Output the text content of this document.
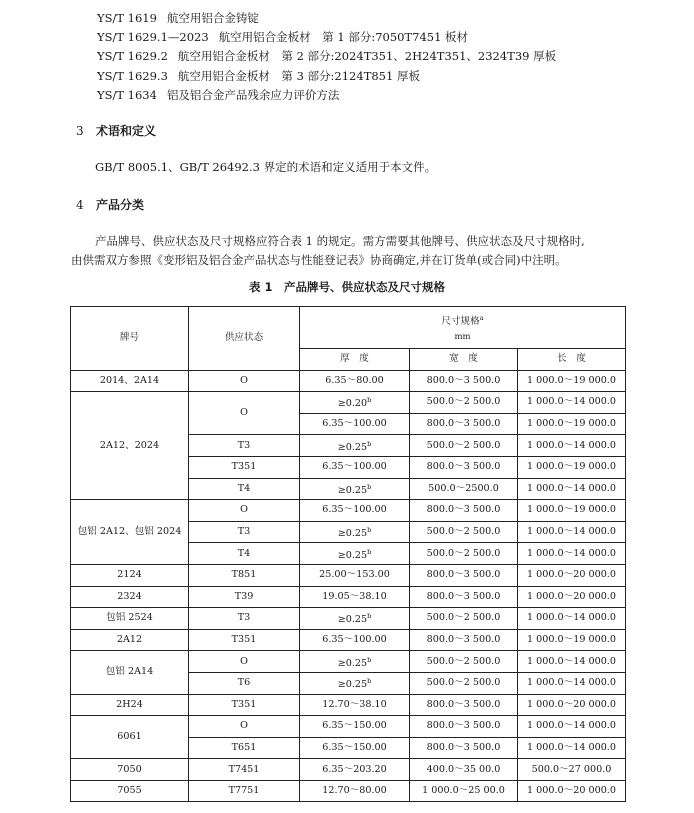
YS/T 1619 航空用铝合金铸锭
YS/T 1629.1—2023 航空用铝合金板材　第 1 部分:7050T7451 板材
YS/T 1629.2 航空用铝合金板材　第 2 部分:2024T351、2H24T351、2324T39 厚板
YS/T 1629.3 航空用铝合金板材　第 3 部分:2124T851 厚板
YS/T 1634 铝及铝合金产品残余应力评价方法
3 术语和定义

GB/T 8005.1、GB/T 26492.3 界定的术语和定义适用于本文件。

4 产品分类

产品牌号、供应状态及尺寸规格应符合表 1 的规定。需方需要其他牌号、供应状态及尺寸规格时,

由供需双方参照《变形铝及铝合金产品状态与性能登记表》协商确定,并在订货单(或合同)中注明。

表 1　产品牌号、供应状态及尺寸规格
牌号	供应状态	尺寸规格$^a$
mm		

		厚　度	宽　度	长　度
2014、2A14	O	6.35～80.00	800.0～3 500.0	1 000.0～19 000.0
2A12、2024	O	≥0.20$^b$	500.0～2 500.0	1 000.0～14 000.0
		6.35～100.00	800.0～3 500.0	1 000.0～19 000.0
	T3	≥0.25$^b$	500.0～2 500.0	1 000.0～14 000.0
	T351	6.35～100.00	800.0～3 500.0	1 000.0～19 000.0
	T4	≥0.25$^b$	500.0～2500.0	1 000.0～14 000.0
包铝 2A12、包铝 2024	O	6.35～100.00	800.0～3 500.0	1 000.0～19 000.0
	T3	≥0.25$^b$	500.0～2 500.0	1 000.0～14 000.0
	T4	≥0.25$^b$	500.0～2 500.0	1 000.0～14 000.0
2124	T851	25.00～153.00	800.0～3 500.0	1 000.0～20 000.0
2324	T39	19.05～38.10	800.0～3 500.0	1 000.0～20 000.0
包铝 2524	T3	≥0.25$^b$	500.0～2 500.0	1 000.0～14 000.0
2A12	T351	6.35～100.00	800.0～3 500.0	1 000.0～19 000.0
包铝 2A14	O	≥0.25$^b$	500.0～2 500.0	1 000.0～14 000.0
	T6	≥0.25$^b$	500.0～2 500.0	1 000.0～14 000.0
2H24	T351	12.70～38.10	800.0～3 500.0	1 000.0～20 000.0
6061	O	6.35～150.00	800.0～3 500.0	1 000.0～14 000.0
	T651	6.35～150.00	800.0～3 500.0	1 000.0～14 000.0
7050	T7451	6.35～203.20	400.0～35 00.0	500.0～27 000.0
7055	T7751	12.70～80.00	1 000.0～25 00.0	1 000.0～20 000.0
